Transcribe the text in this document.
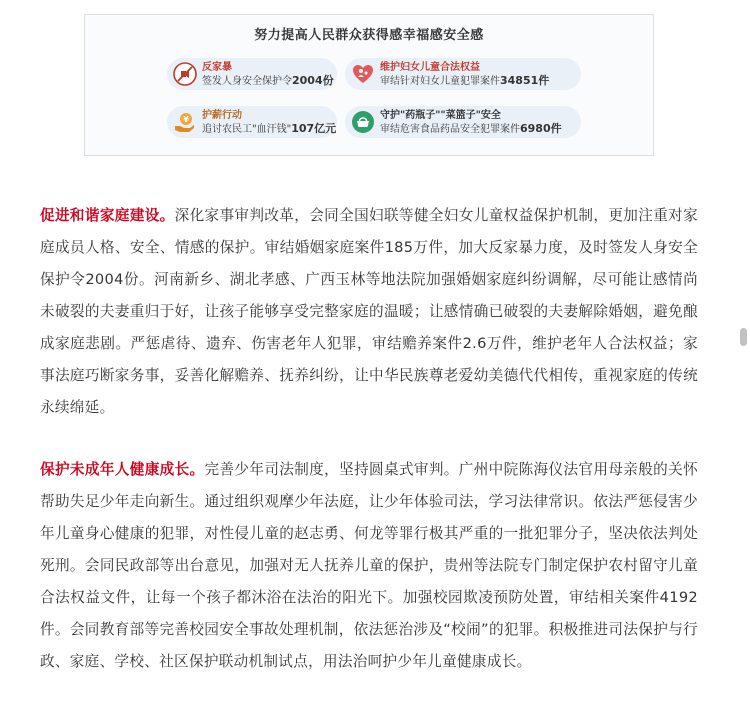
努力提高人民群众获得感幸福感安全感
反家暴
签发人身安全保护令2004份
维护妇女儿童合法权益
审结针对妇女儿童犯罪案件34851件
¥ 护薪行动
追讨农民工"血汗钱"107亿元
守护"药瓶子""菜篮子"安全
审结危害食品药品安全犯罪案件6980件

促进和谐家庭建设。深化家事审判改革，会同全国妇联等健全妇女儿童权益保护机制，更加注重对家庭成员人格、安全、情感的保护。审结婚姻家庭案件185万件，加大反家暴力度，及时签发人身安全保护令2004份。河南新乡、湖北孝感、广西玉林等地法院加强婚姻家庭纠纷调解，尽可能让感情尚未破裂的夫妻重归于好，让孩子能够享受完整家庭的温暖；让感情确已破裂的夫妻解除婚姻，避免酿成家庭悲剧。严惩虐待、遗弃、伤害老年人犯罪，审结赡养案件2.6万件，维护老年人合法权益；家事法庭巧断家务事，妥善化解赡养、抚养纠纷，让中华民族尊老爱幼美德代代相传，重视家庭的传统永续绵延。

保护未成年人健康成长。完善少年司法制度，坚持圆桌式审判。广州中院陈海仪法官用母亲般的关怀帮助失足少年走向新生。通过组织观摩少年法庭，让少年体验司法，学习法律常识。依法严惩侵害少年儿童身心健康的犯罪，对性侵儿童的赵志勇、何龙等罪行极其严重的一批犯罪分子，坚决依法判处死刑。会同民政部等出台意见，加强对无人抚养儿童的保护，贵州等法院专门制定保护农村留守儿童合法权益文件，让每一个孩子都沐浴在法治的阳光下。加强校园欺凌预防处置，审结相关案件4192件。会同教育部等完善校园安全事故处理机制，依法惩治涉及“校闹”的犯罪。积极推进司法保护与行政、家庭、学校、社区保护联动机制试点，用法治呵护少年儿童健康成长。
